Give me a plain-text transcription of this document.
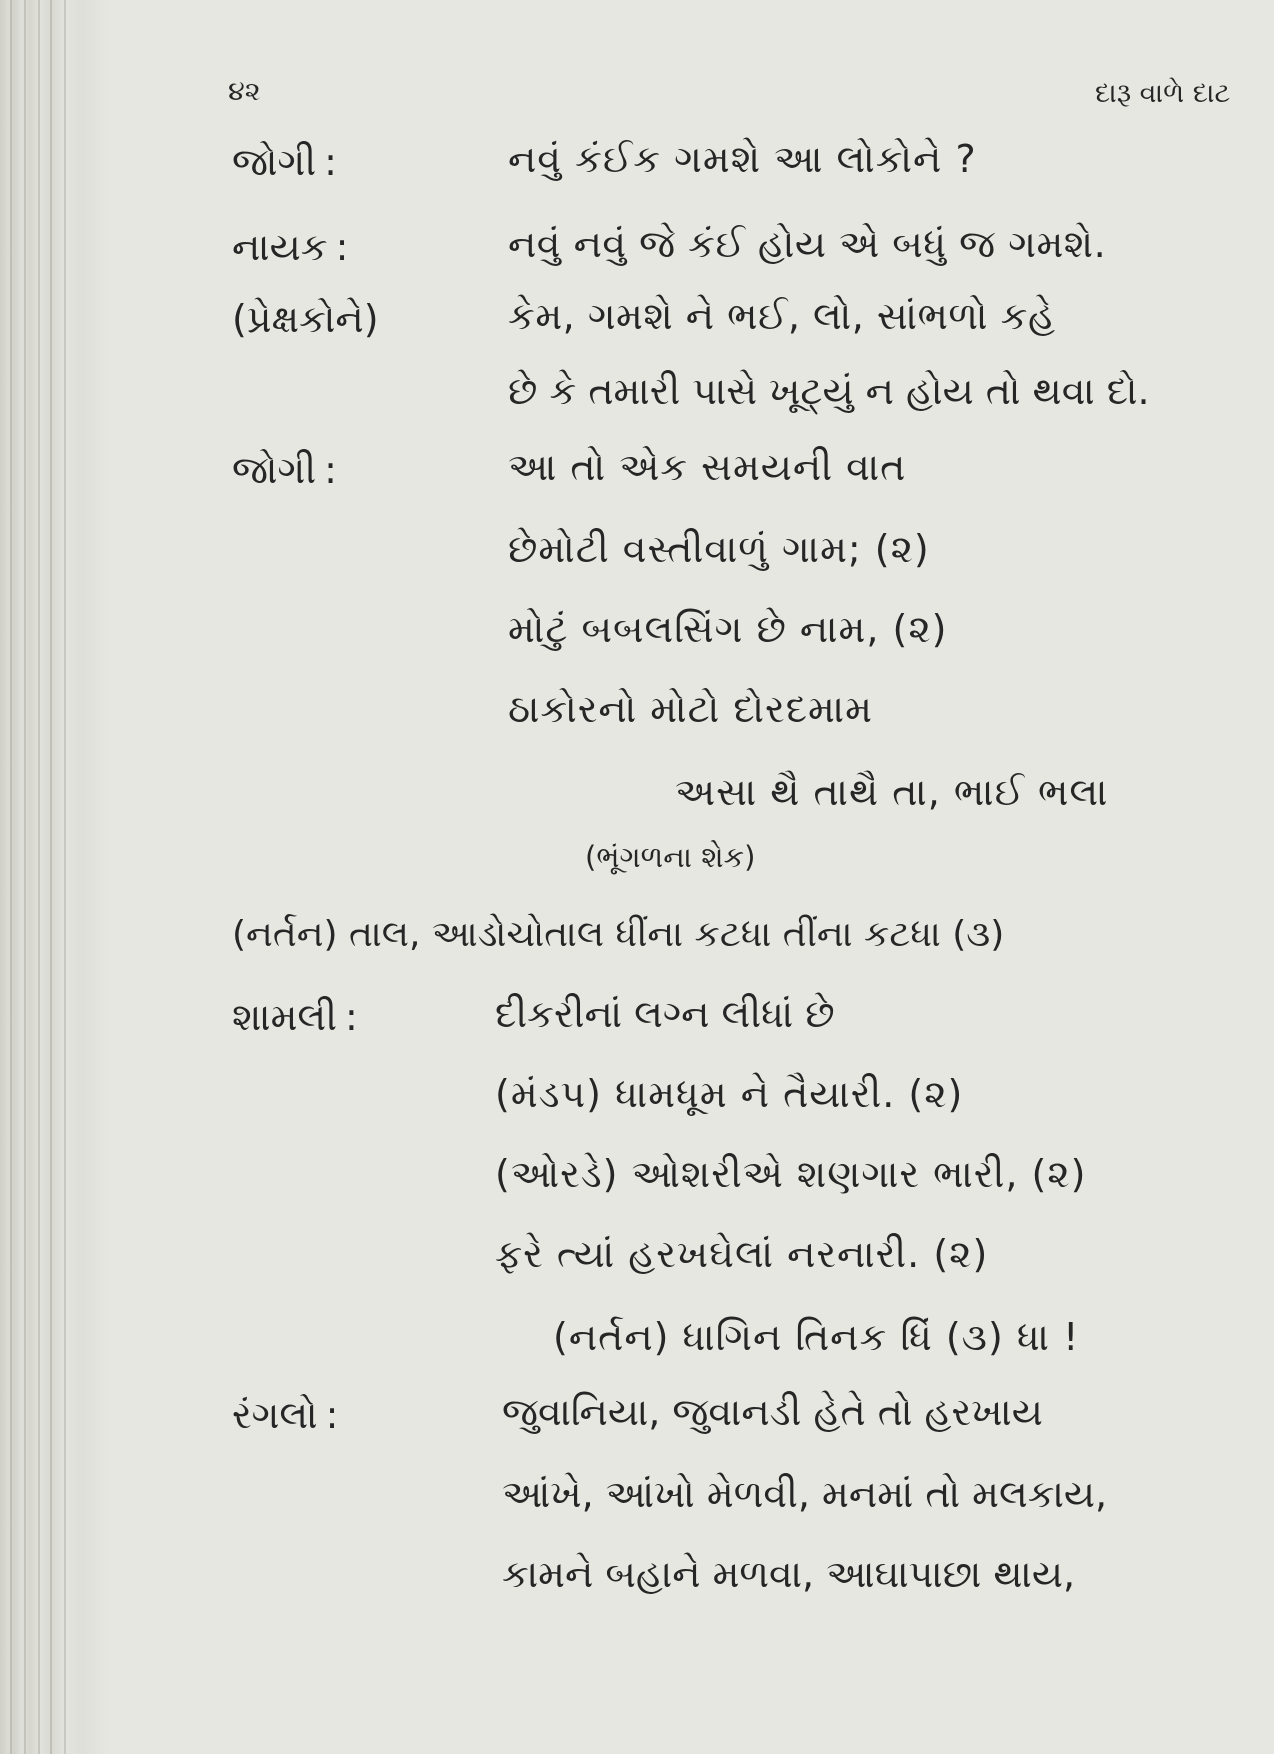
૪૨	દારૂ વાળે દાટ
જોગી :	નવું કંઈક ગમશે આ લોકોને ?
નાયક :	નવું નવું જે કંઈ હોય એ બધું જ ગમશે.
(પ્રેક્ષકોને)	કેમ, ગમશે ને ભઈ, લો, સાંભળો કહે
છે કે તમારી પાસે ખૂટ્યું ન હોય તો થવા દો.
જોગી :	આ તો એક સમયની વાત
છેમોટી વસ્તીવાળું ગામ; (૨)
મોટું બબલસિંગ છે નામ, (૨)
ઠાકોરનો મોટો દોરદમામ
અસા થૈ તાથૈ તા, ભાઈ ભલા
(ભૂંગળના શેક)
(નર્તન) તાલ, આડોચોતાલ ધીંના કટધા તીંના કટધા (૩)
શામલી :	દીકરીનાં લગ્ન લીધાં છે
(મંડપ) ધામધૂમ ને તૈયારી. (૨)
(ઓરડે) ઓશરીએ શણગાર ભારી, (૨)
ફરે ત્યાં હરખઘેલાં નરનારી. (૨)
(નર્તન) ધાગિન તિનક ધિં (૩) ધા !
રંગલો :	જુવાનિયા, જુવાનડી હેતે તો હરખાય
આંખે, આંખો મેળવી, મનમાં તો મલકાય,
કામને બહાને મળવા, આઘાપાછા થાય,
